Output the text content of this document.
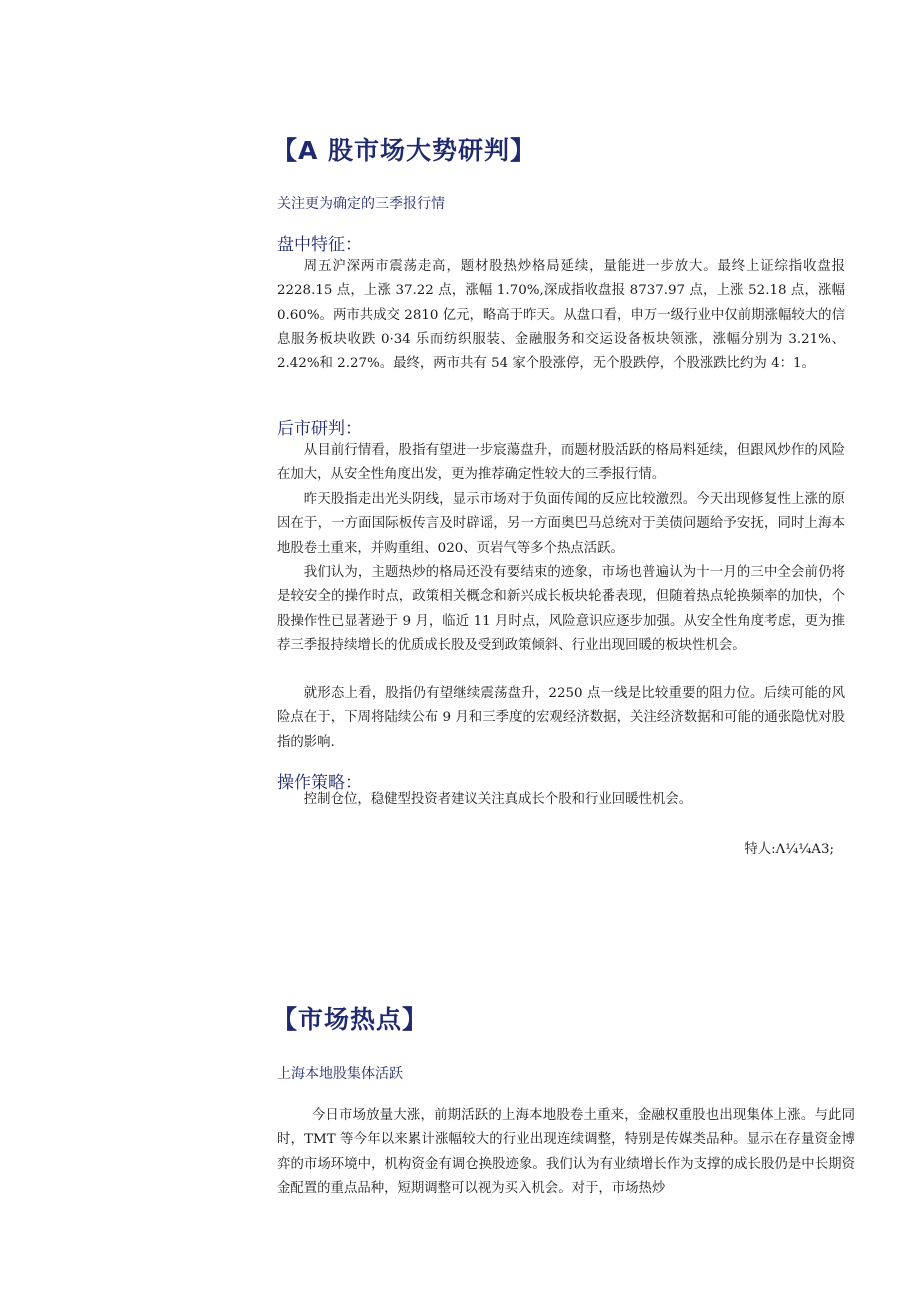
【A 股市场大势研判】
关注更为确定的三季报行情
盘中特征：

周五沪深两市震荡走高，题材股热炒格局延续，量能进一步放大。最终上证综指收盘报 2228.15 点，上涨 37.22 点，涨幅 1.70%,深成指收盘报 8737.97 点，上涨 52.18 点，涨幅 0.60%。两市共成交 2810 亿元，略高于昨天。从盘口看，申万一级行业中仅前期涨幅较大的信息服务板块收跌 0·34 乐而纺织服装、金融服务和交运设备板块领涨，涨幅分别为 3.21%、2.42%和 2.27%。最终，两市共有 54 家个股涨停，无个股跌停，个股涨跌比约为 4：1。

后市研判：

从目前行情看，股指有望进一步宸蕩盘升，而题材股活跃的格局料延续，但跟风炒作的风险在加大，从安全性角度出发，更为推荐确定性较大的三季报行情。

昨天股指走出光头阴线，显示市场对于负面传闻的反应比较激烈。今天出现修复性上涨的原因在于，一方面国际板传言及时辟谣，另一方面奥巴马总统对于美债问题给予安抚，同时上海本地股卷土重来，并购重组、020、页岩气等多个热点活跃。

我们认为，主题热炒的格局还没有要结束的迹象，市场也普遍认为十一月的三中全会前仍将是较安全的操作时点，政策相关概念和新兴成长板块轮番表现，但随着热点轮换频率的加快，个股操作性已显著逊于 9 月，临近 11 月时点，风险意识应逐步加强。从安全性角度考虑，更为推荐三季报持续增长的优质成长股及受到政策倾斜、行业出现回暖的板块性机会。

就形态上看，股指仍有望继续震荡盘升，2250 点一线是比较重要的阻力位。后续可能的风险点在于，下周将陆续公布 9 月和三季度的宏观经济数据，关注经济数据和可能的通张隐忧对股指的影响.

操作策略：

控制仓位，稳健型投资者建议关注真成长个股和行业回暖性机会。

特人:Λ¼¼A3;
【市场热点】
上海本地股集体活跃

今日市场放量大涨，前期活跃的上海本地股卷土重来，金融权重股也出现集体上涨。与此同时，TMT 等今年以来累计涨幅较大的行业出现连续调整，特别是传媒类品种。显示在存量资金博弈的市场环境中，机构资金有调仓换股迹象。我们认为有业绩增长作为支撑的成长股仍是中长期资金配置的重点品种，短期调整可以视为买入机会。对于，市场热炒
